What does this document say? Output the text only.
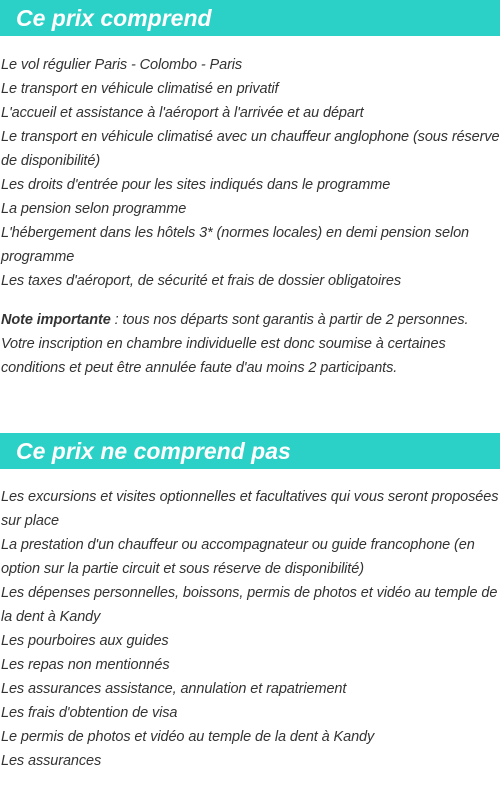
Ce prix comprend
Le vol régulier Paris - Colombo - Paris
Le transport en véhicule climatisé en privatif
L'accueil et assistance à l'aéroport à l'arrivée et au départ
Le transport en véhicule climatisé avec un chauffeur anglophone (sous réserve de disponibilité)
Les droits d'entrée pour les sites indiqués dans le programme
La pension selon programme
L'hébergement dans les hôtels 3* (normes locales) en demi pension selon programme
Les taxes d'aéroport, de sécurité et frais de dossier obligatoires

Note importante : tous nos départs sont garantis à partir de 2 personnes. Votre inscription en chambre individuelle est donc soumise à certaines conditions et peut être annulée faute d'au moins 2 participants.

Ce prix ne comprend pas
Les excursions et visites optionnelles et facultatives qui vous seront proposées sur place
La prestation d'un chauffeur ou accompagnateur ou guide francophone (en option sur la partie circuit et sous réserve de disponibilité)
Les dépenses personnelles, boissons, permis de photos et vidéo au temple de la dent à Kandy
Les pourboires aux guides
Les repas non mentionnés
Les assurances assistance, annulation et rapatriement
Les frais d'obtention de visa
Le permis de photos et vidéo au temple de la dent à Kandy
Les assurances
